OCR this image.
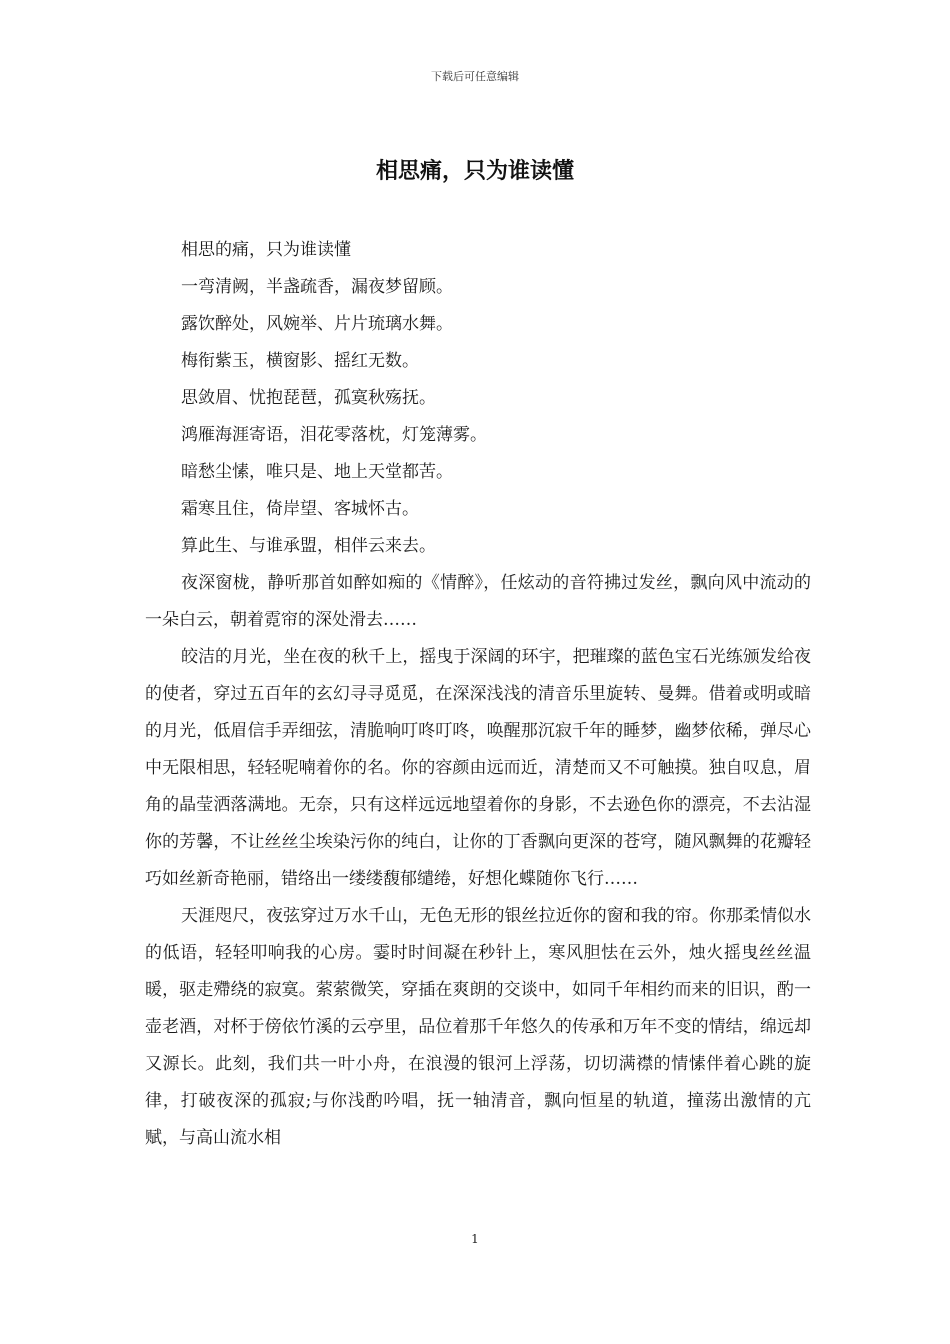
下载后可任意编辑
相思痛，只为谁读懂

相思的痛，只为谁读懂

一弯清阙，半盏疏香，漏夜梦留顾。

露饮醉处，风婉举、片片琉璃水舞。

梅衔紫玉，横窗影、摇红无数。

思敛眉、忧抱琵琶，孤寞秋殇抚。

鸿雁海涯寄语，泪花零落枕，灯笼薄雾。

暗愁尘愫，唯只是、地上天堂都苦。

霜寒且住，倚岸望、客城怀古。

算此生、与谁承盟，相伴云来去。

夜深窗栊，静听那首如醉如痴的《情醉》，任炫动的音符拂过发丝，飘向风中流动的一朵白云，朝着霓帘的深处滑去……

皎洁的月光，坐在夜的秋千上，摇曳于深阔的环宇，把璀璨的蓝色宝石光练颁发给夜的使者，穿过五百年的玄幻寻寻觅觅，在深深浅浅的清音乐里旋转、曼舞。借着或明或暗的月光，低眉信手弄细弦，清脆响叮咚叮咚，唤醒那沉寂千年的睡梦，幽梦依稀，弹尽心中无限相思，轻轻呢喃着你的名。你的容颜由远而近，清楚而又不可触摸。独自叹息，眉角的晶莹洒落满地。无奈，只有这样远远地望着你的身影，不去逊色你的漂亮，不去沾湿你的芳馨，不让丝丝尘埃染污你的纯白，让你的丁香飘向更深的苍穹，随风飘舞的花瓣轻巧如丝新奇艳丽，错络出一缕缕馥郁缱绻，好想化蝶随你飞行……

天涯咫尺，夜弦穿过万水千山，无色无形的银丝拉近你的窗和我的帘。你那柔情似水的低语，轻轻叩响我的心房。霎时时间凝在秒针上，寒风胆怯在云外，烛火摇曳丝丝温暖，驱走殢绕的寂寞。萦萦微笑，穿插在爽朗的交谈中，如同千年相约而来的旧识，酌一壶老酒，对杯于傍依竹溪的云亭里，品位着那千年悠久的传承和万年不变的情结，绵远却又源长。此刻，我们共一叶小舟，在浪漫的银河上浮荡，切切满襟的情愫伴着心跳的旋律，打破夜深的孤寂;与你浅酌吟唱，抚一轴清音，飘向恒星的轨道，撞荡出激情的亢赋，与高山流水相

1
